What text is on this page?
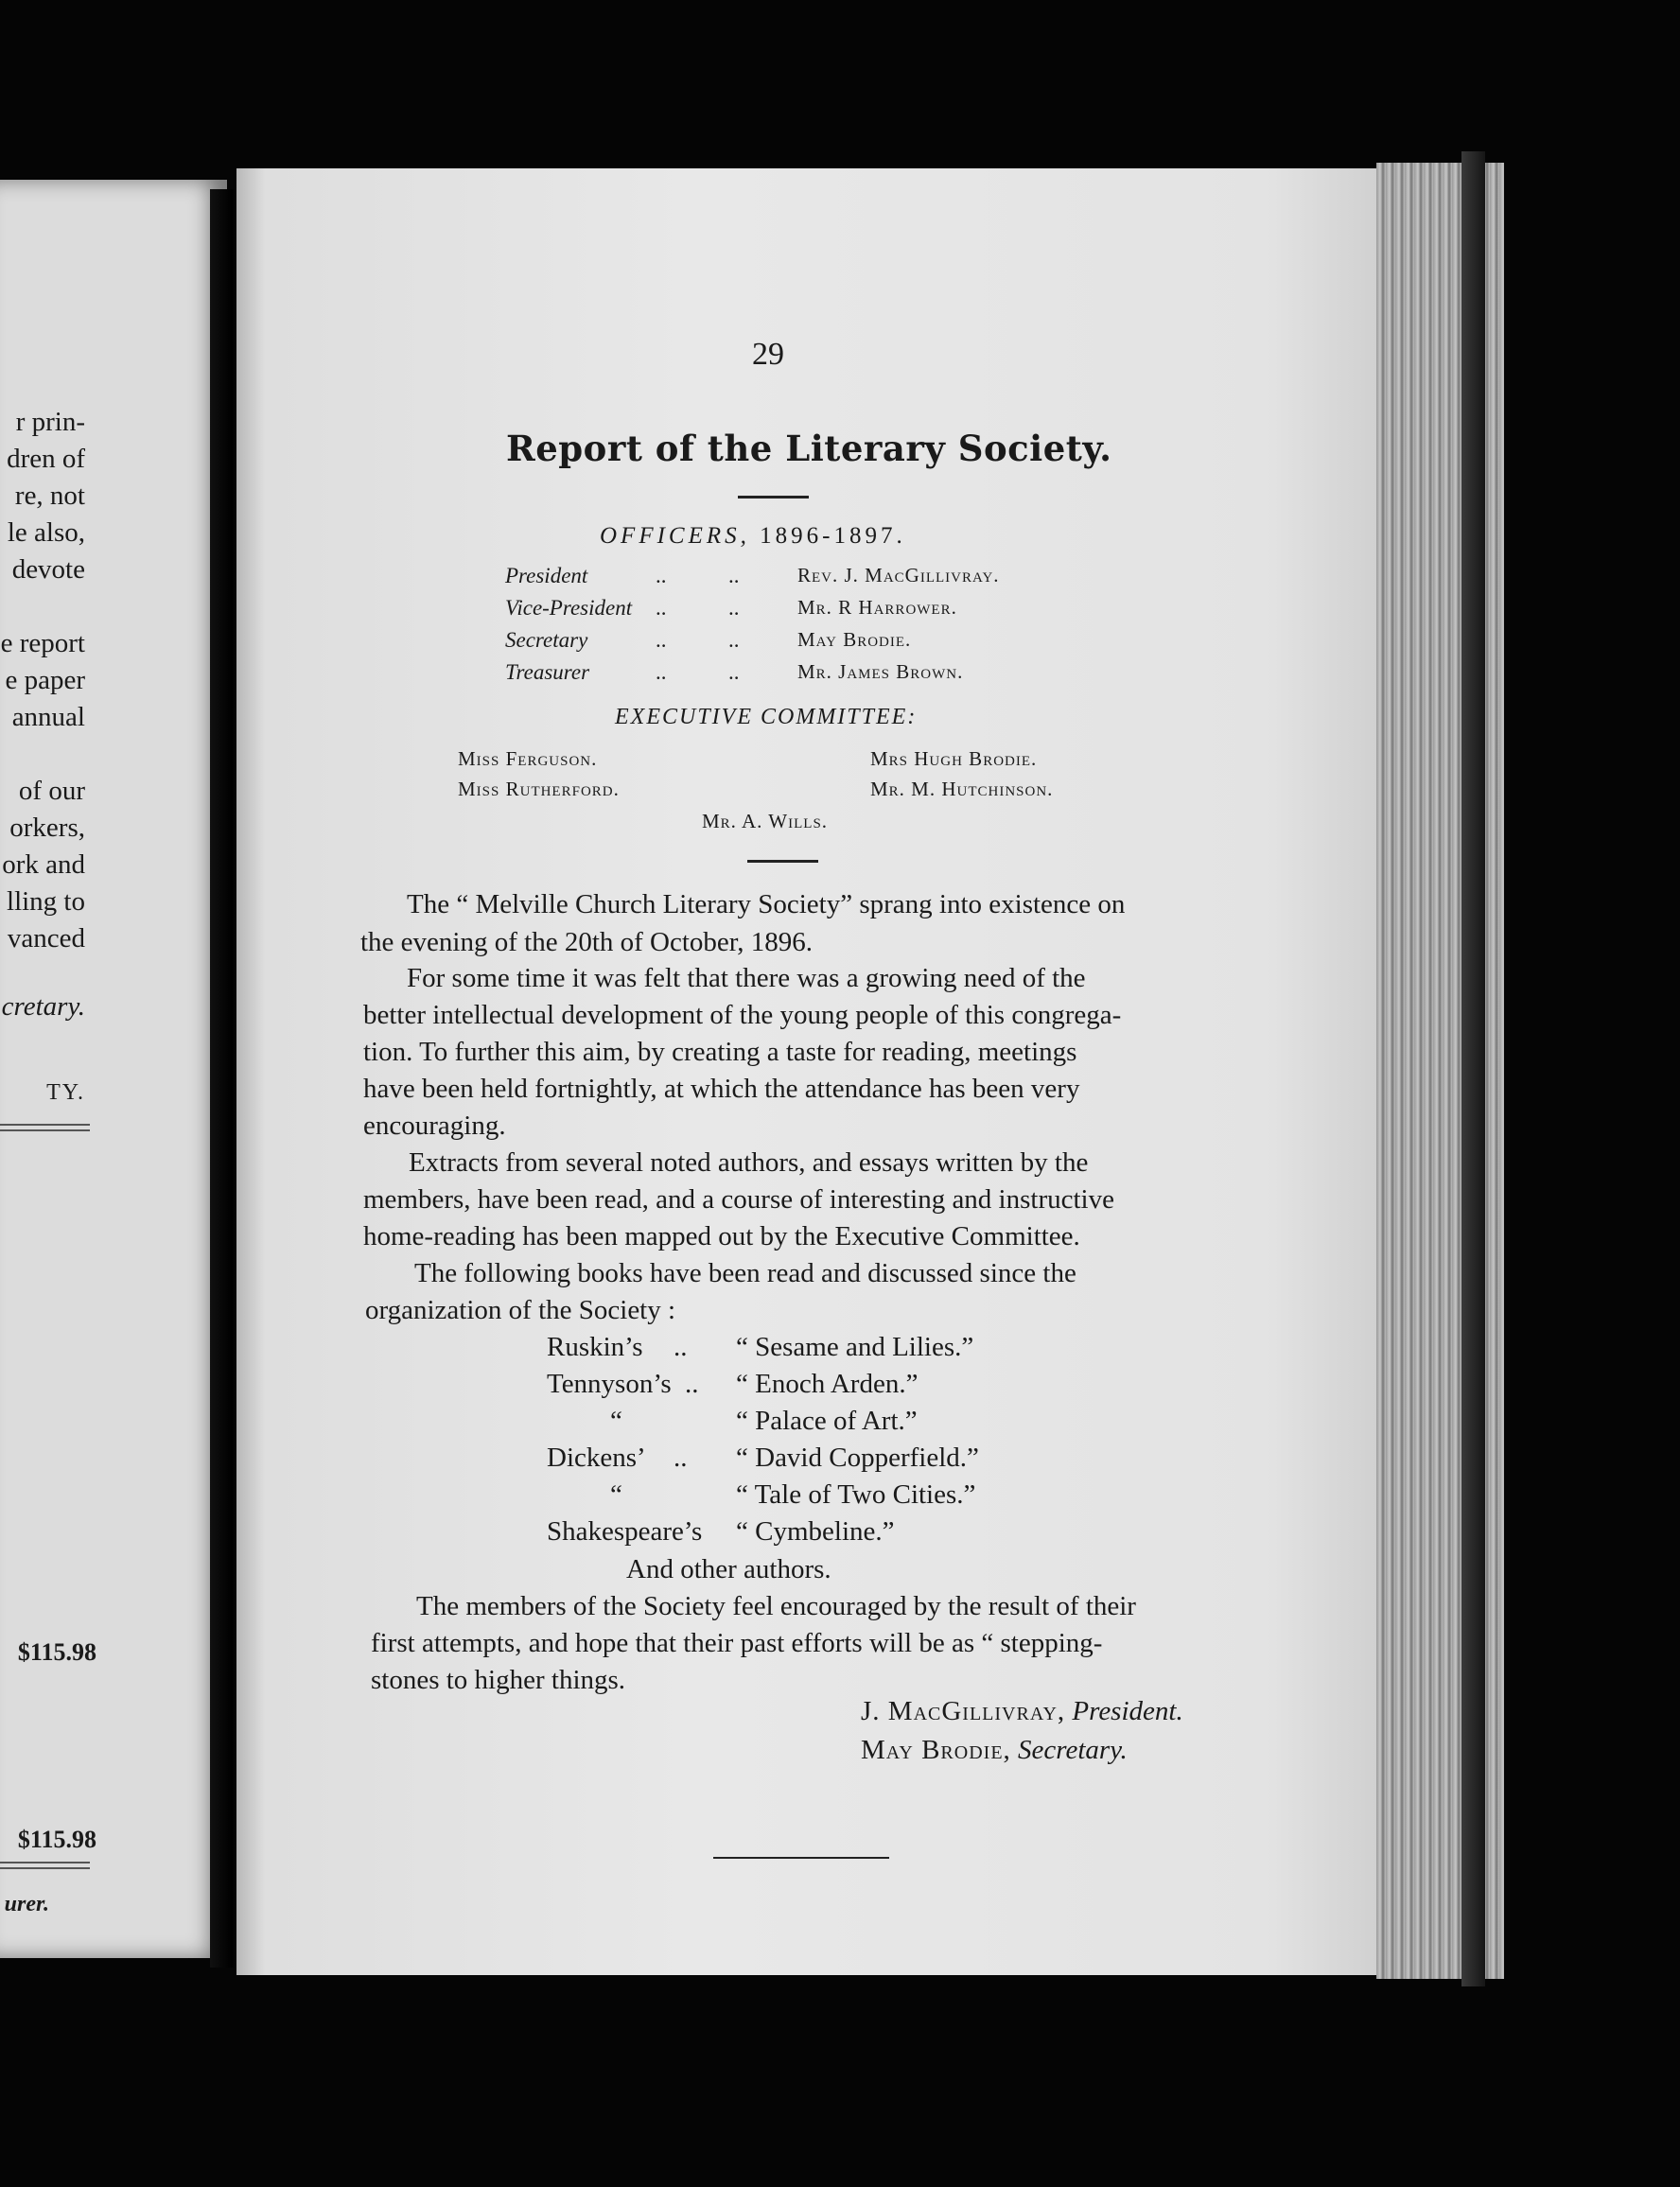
r prin-
dren of
re, not
le also,
devote
e report
e paper
annual
of our
orkers,
ork and
lling to
vanced
cretary.
TY.
$115.98
$115.98
urer.
29
Report of the Literary Society.
OFFICERS, 1896-1897.
President	..	..	Rev. J. MacGillivray.
Vice-President ..	..	Mr. R Harrower.
Secretary	..	..	May Brodie.
Treasurer	..	..	Mr. James Brown.
EXECUTIVE COMMITTEE:
Miss Ferguson.	Mrs Hugh Brodie.
Miss Rutherford.	Mr. M. Hutchinson.
Mr. A. Wills.
The “ Melville Church Literary Society” sprang into existence on
the evening of the 20th of October, 1896.
For some time it was felt that there was a growing need of the
better intellectual development of the young people of this congrega-
tion. To further this aim, by creating a taste for reading, meetings
have been held fortnightly, at which the attendance has been very
encouraging.
Extracts from several noted authors, and essays written by the
members, have been read, and a course of interesting and instructive
home-reading has been mapped out by the Executive Committee.
The following books have been read and discussed since the
organization of the Society :
Ruskin’s .. “ Sesame and Lilies.”
Tennyson’s .. “ Enoch Arden.”
“	“ Palace of Art.”
Dickens’ .. “ David Copperfield.”
“	“ Tale of Two Cities.”
Shakespeare’s “ Cymbeline.”
And other authors.
The members of the Society feel encouraged by the result of their
first attempts, and hope that their past efforts will be as “ stepping-
stones to higher things.
J. MacGillivray, President.
May Brodie, Secretary.
